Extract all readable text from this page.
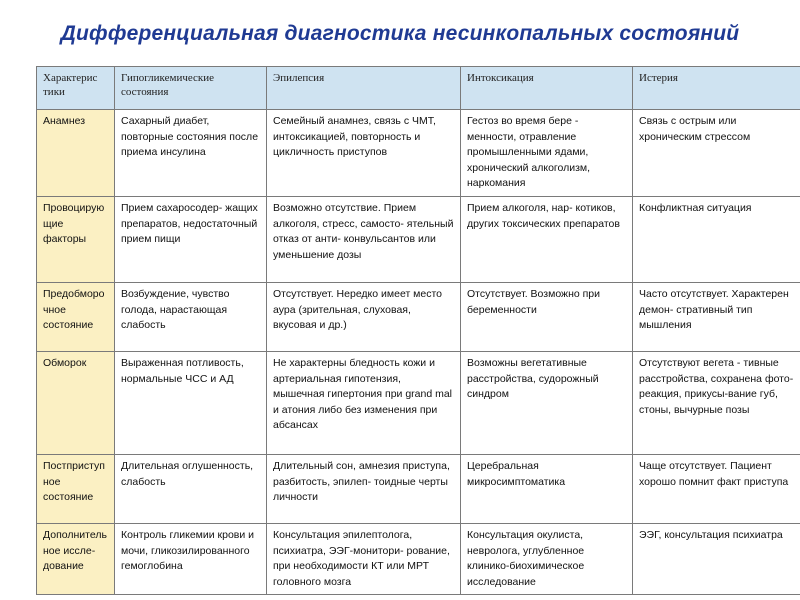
Дифференциальная диагностика несинкопальных состояний
Характерис тики	Гипогликемические состояния	Эпилепсия	Интоксикация	Истерия
Анамнез	Сахарный диабет, повторные состояния после приема инсулина	Семейный анамнез, связь с ЧМТ, интоксикацией, повторность и цикличность приступов	Гестоз во время бере - менности, отравление промышленными ядами, хронический алкоголизм, наркомания	Связь с острым или хроническим стрессом
Провоцирую щие факторы	Прием сахаросодер- жащих препаратов, недостаточный прием пищи	Возможно отсутствие. Прием алкоголя, стресс, самосто- ятельный отказ от анти- конвульсантов или уменьшение дозы	Прием алкоголя, нар- котиков, других токсических препаратов	Конфликтная ситуация
Предобморо чное состояние	Возбуждение, чувство голода, нарастающая слабость	Отсутствует. Нередко имеет место аура (зрительная, слуховая, вкусовая и др.)	Отсутствует. Возможно при беременности	Часто отсутствует. Характерен демон- стративный тип мышления
Обморок	Выраженная потливость, нормальные ЧСС и АД	Не характерны бледность кожи и артериальная гипотензия, мышечная гипертония при grand mal и атония либо без изменения при абсансах	Возможны вегетативные расстройства, судорожный синдром	Отсутствуют вегета - тивные расстройства, сохранена фото-реакция, прикусы-вание губ, стоны, вычурные позы
Постприступ ное состояние	Длительная оглушенность, слабость	Длительный сон, амнезия приступа, разбитость, эпилеп- тоидные черты личности	Церебральная микросимптоматика	Чаще отсутствует. Пациент хорошо помнит факт приступа
Дополнитель ное иссле- дование	Контроль гликемии крови и мочи, гликозилированного гемоглобина	Консультация эпилептолога, психиатра, ЭЭГ-монитори- рование, при необходимости КТ или МРТ головного мозга	Консультация окулиста, невролога, углубленное клинико-биохимическое исследование	ЭЭГ, консультация психиатра
